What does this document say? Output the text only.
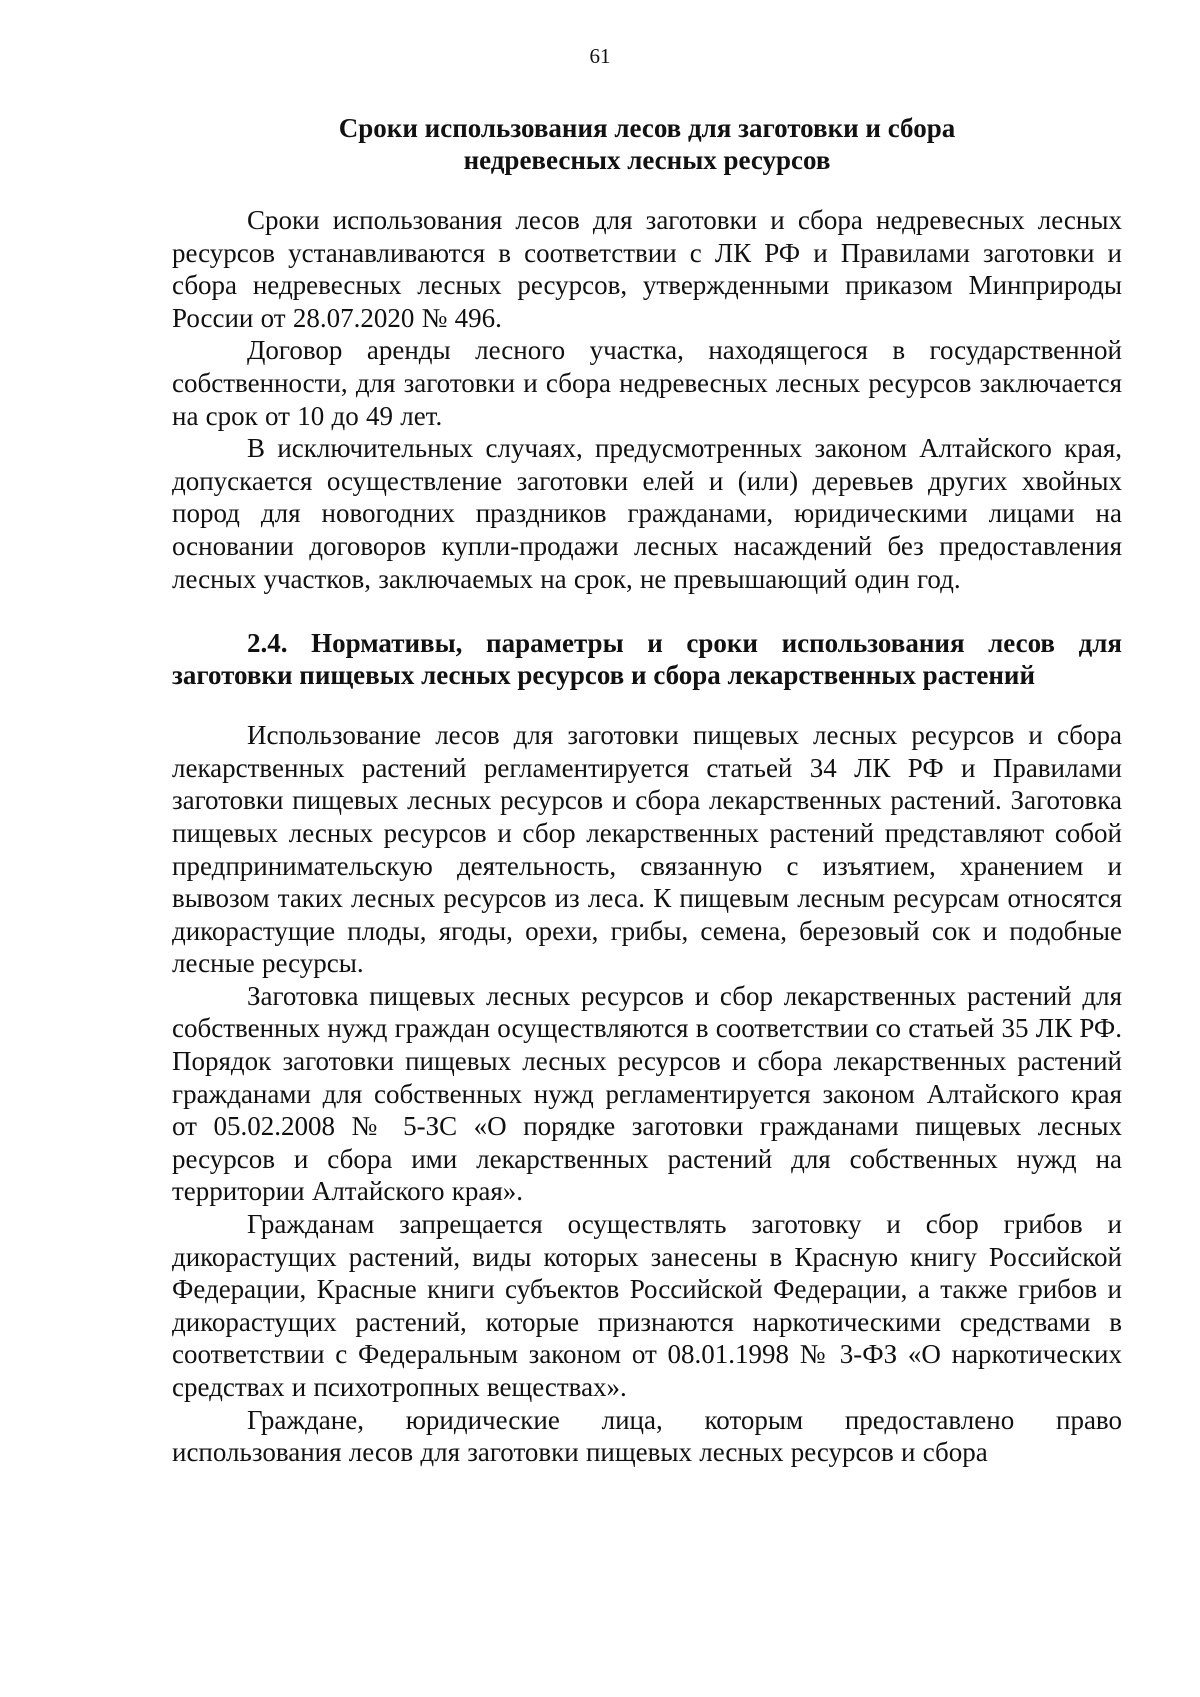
61
Сроки использования лесов для заготовки и сбора
недревесных лесных ресурсов

Сроки использования лесов для заготовки и сбора недревесных лесных ресурсов устанавливаются в соответствии с ЛК РФ и Правилами заготовки и сбора недревесных лесных ресурсов, утвержденными приказом Минприроды России от 28.07.2020 № 496.

Договор аренды лесного участка, находящегося в государственной собственности, для заготовки и сбора недревесных лесных ресурсов заключается на срок от 10 до 49 лет.

В исключительных случаях, предусмотренных законом Алтайского края, допускается осуществление заготовки елей и (или) деревьев других хвойных пород для новогодних праздников гражданами, юридическими лицами на основании договоров купли-продажи лесных насаждений без предоставления лесных участков, заключаемых на срок, не превышающий один год.

2.4. Нормативы, параметры и сроки использования лесов для заготовки пищевых лесных ресурсов и сбора лекарственных растений

Использование лесов для заготовки пищевых лесных ресурсов и сбора лекарственных растений регламентируется статьей 34 ЛК РФ и Правилами заготовки пищевых лесных ресурсов и сбора лекарственных растений. Заготовка пищевых лесных ресурсов и сбор лекарственных растений представляют собой предпринимательскую деятельность, связанную с изъятием, хранением и вывозом таких лесных ресурсов из леса. К пищевым лесным ресурсам относятся дикорастущие плоды, ягоды, орехи, грибы, семена, березовый сок и подобные лесные ресурсы.

Заготовка пищевых лесных ресурсов и сбор лекарственных растений для собственных нужд граждан осуществляются в соответствии со статьей 35 ЛК РФ. Порядок заготовки пищевых лесных ресурсов и сбора лекарственных растений гражданами для собственных нужд регламентируется законом Алтайского края от 05.02.2008 № 5-ЗС «О порядке заготовки гражданами пищевых лесных ресурсов и сбора ими лекарственных растений для собственных нужд на территории Алтайского края».

Гражданам запрещается осуществлять заготовку и сбор грибов и дикорастущих растений, виды которых занесены в Красную книгу Российской Федерации, Красные книги субъектов Российской Федерации, а также грибов и дикорастущих растений, которые признаются наркотическими средствами в соответствии с Федеральным законом от 08.01.1998 № 3-ФЗ «О наркотических средствах и психотропных веществах».

Граждане, юридические лица, которым предоставлено право использования лесов для заготовки пищевых лесных ресурсов и сбора
